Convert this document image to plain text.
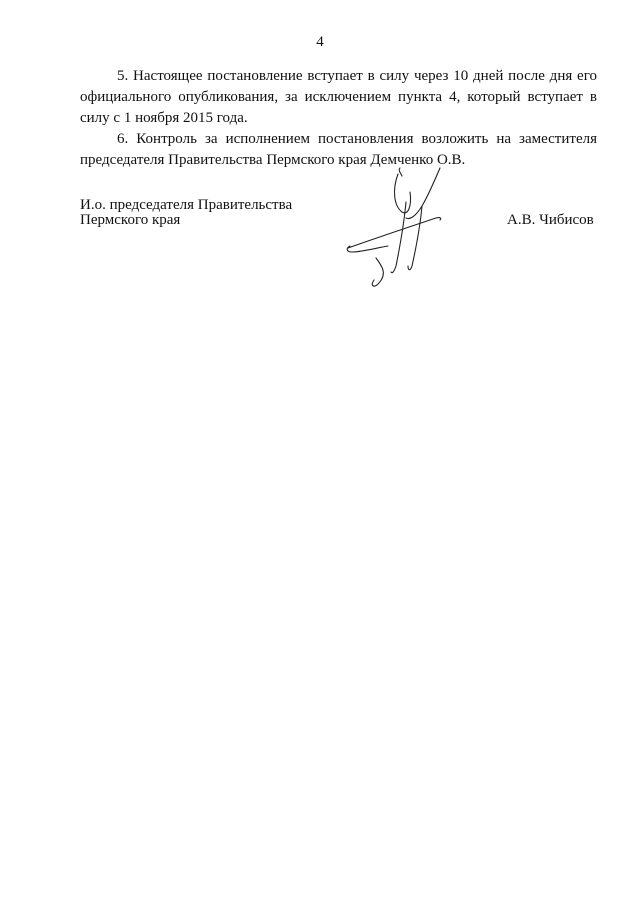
4

5. Настоящее постановление вступает в силу через 10 дней после дня его официального опубликования, за исключением пункта 4, который вступает в силу с 1 ноября 2015 года.

6. Контроль за исполнением постановления возложить на заместителя председателя Правительства Пермского края Демченко О.В.

И.о. председателя Правительства
Пермского края	А.В. Чибисов
